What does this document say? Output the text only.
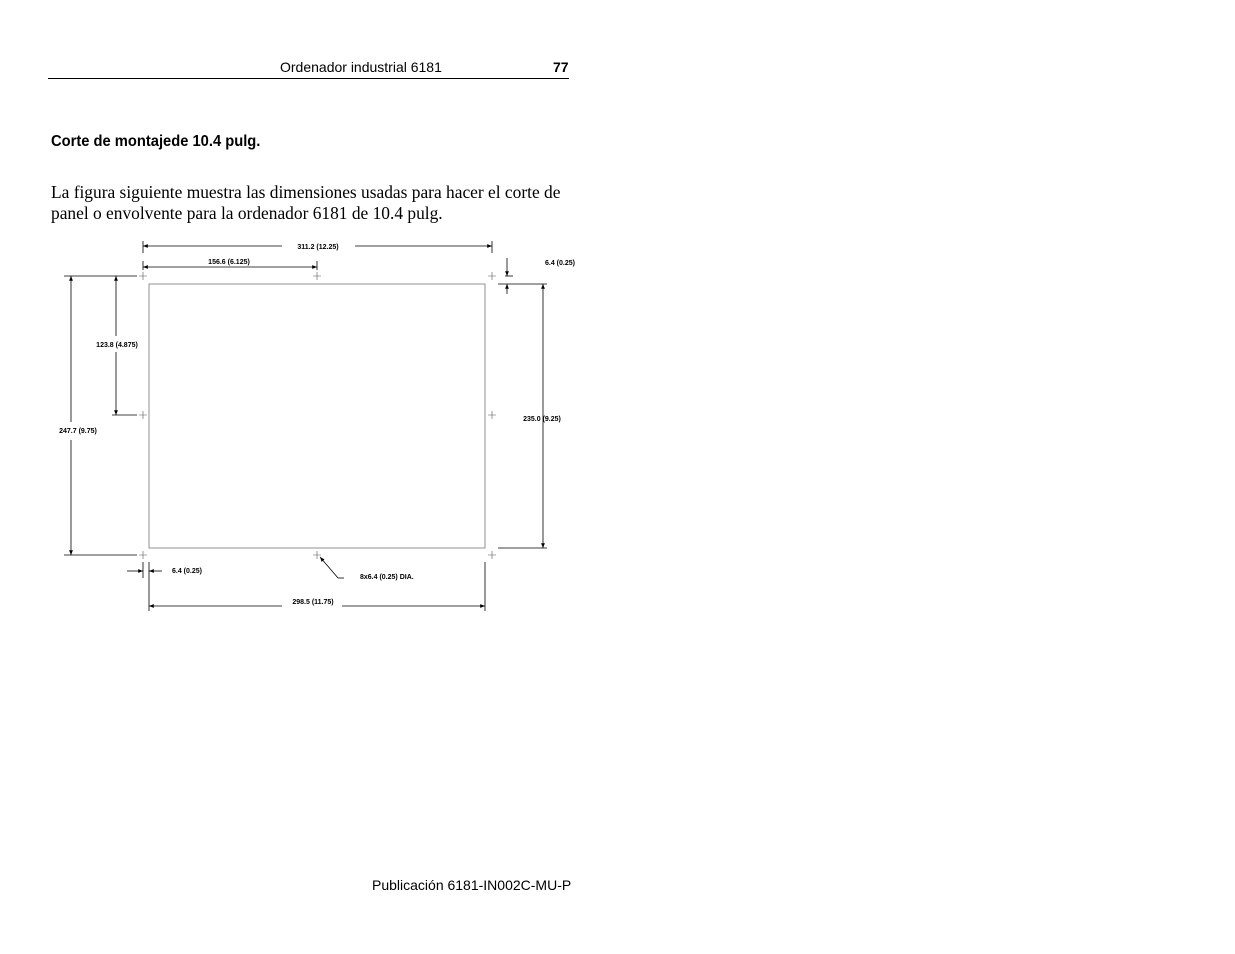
Ordenador industrial 6181	77
Corte de montajede 10.4 pulg.
La figura siguiente muestra las dimensiones usadas para hacer el corte de
panel o envolvente para la ordenador 6181 de 10.4 pulg.
311.2 (12.25)
156.6 (6.125)	6.4 (0.25)
123.8 (4.875)
247.7 (9.75)
235.0 (9.25)
6.4 (0.25)
8x6.4 (0.25) DIA.
298.5 (11.75)
Publicación 6181-IN002C-MU-P
